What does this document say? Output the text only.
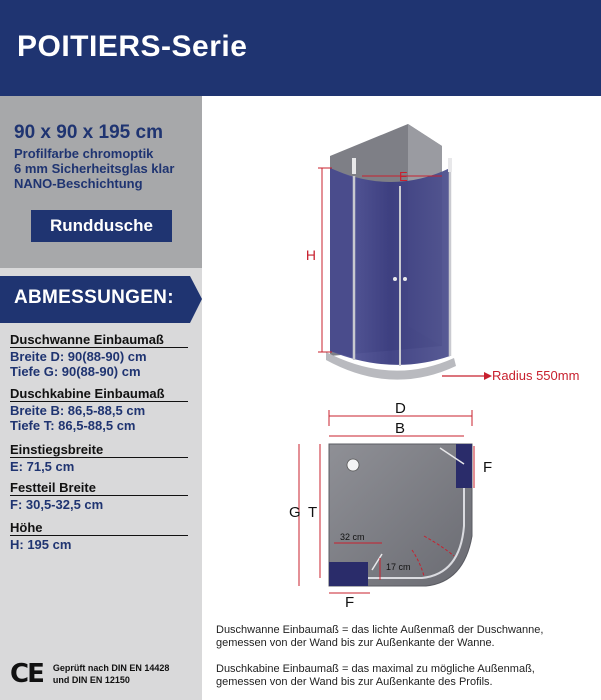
POITIERS-Serie
90 x 90 x 195 cm
Profilfarbe chromoptik
6 mm Sicherheitsglas klar
NANO-Beschichtung
Runddusche
ABMESSUNGEN:
Duschwanne Einbaumaß
Breite D: 90(88-90) cm
Tiefe G: 90(88-90) cm
Duschkabine Einbaumaß
Breite B: 86,5-88,5 cm
Tiefe T: 86,5-88,5 cm
Einstiegsbreite
E: 71,5 cm
Festteil Breite
F: 30,5-32,5 cm
Höhe
H: 195 cm
CE Geprüft nach DIN EN 14428
und DIN EN 12150
E
H
Radius 550mm
D
B
F
G T
32 cm
17 cm
F
Duschwanne Einbaumaß = das lichte Außenmaß der Duschwanne,
gemessen von der Wand bis zur Außenkante der Wanne.
Duschkabine Einbaumaß = das maximal zu mögliche Außenmaß,
gemessen von der Wand bis zur Außenkante des Profils.
